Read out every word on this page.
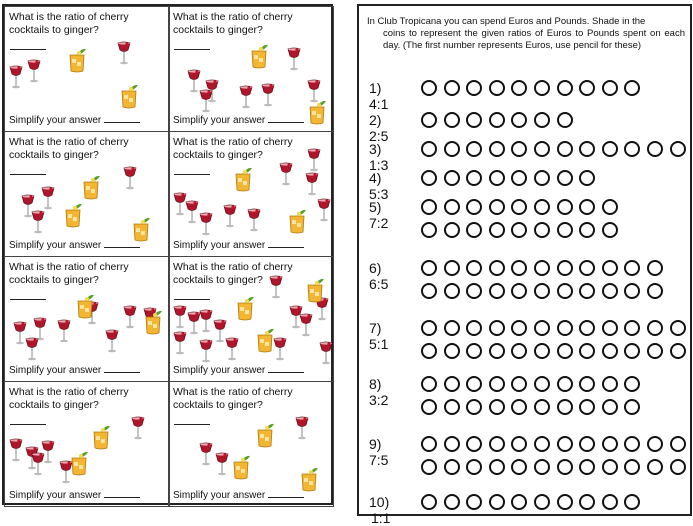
What is the ratio of cherry cocktails to ginger?
Simplify your answer
What is the ratio of cherry cocktails to ginger?
Simplify your answer
What is the ratio of cherry cocktails to ginger?
Simplify your answer
What is the ratio of cherry cocktails to ginger?
Simplify your answer
What is the ratio of cherry cocktails to ginger?
Simplify your answer
What is the ratio of cherry cocktails to ginger?
Simplify your answer
What is the ratio of cherry cocktails to ginger?
Simplify your answer
What is the ratio of cherry cocktails to ginger?
Simplify your answer
In Club Tropicana you can spend Euros and Pounds. Shade in the
coins to represent the given ratios of Euros to Pounds spent on each day. (The first number represents Euros, use pencil for these)
1) 4:1
2) 2:5
3) 1:3
4) 5:3
5) 7:2
6) 6:5
7) 5:1
8) 3:2
9) 7:5
10) 1:1
